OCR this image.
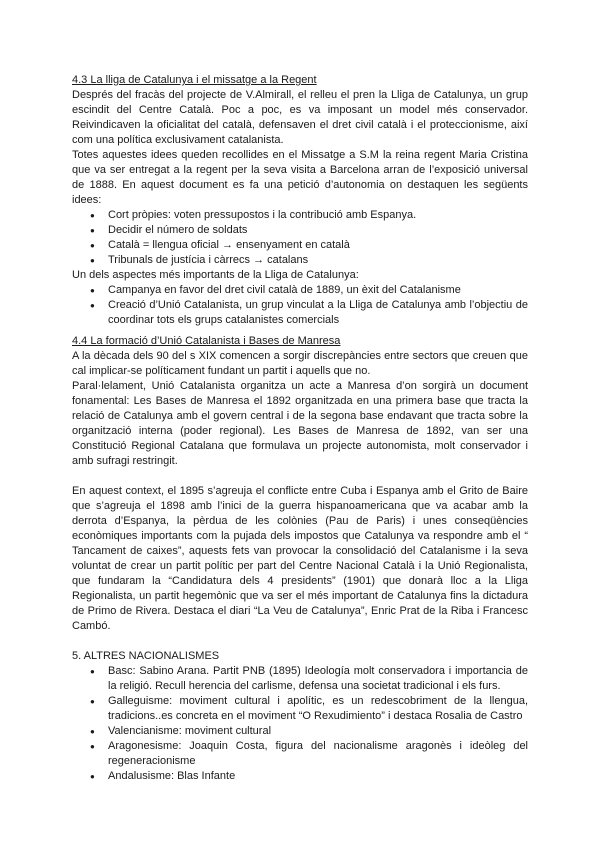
4.3 La lliga de Catalunya i el missatge a la Regent

Després del fracàs del projecte de V.Almirall, el relleu el pren la Lliga de Catalunya, un grup escindit del Centre Català. Poc a poc, es va imposant un model més conservador. Reivindicaven la oficialitat del català, defensaven el dret civil català i el proteccionisme, així com una política exclusivament catalanista.

Totes aquestes idees queden recollides en el Missatge a S.M la reina regent Maria Cristina que va ser entregat a la regent per la seva visita a Barcelona arran de l’exposició universal de 1888. En aquest document es fa una petició d’autonomia on destaquen les següents idees:

● Cort pròpies: voten pressupostos i la contribució amb Espanya.
● Decidir el número de soldats
● Català = llengua oficial → ensenyament en català
● Tribunals de justícia i càrrecs → catalans

Un dels aspectes més importants de la Lliga de Catalunya:

● Campanya en favor del dret civil català de 1889, un èxit del Catalanisme
● Creació d’Unió Catalanista, un grup vinculat a la Lliga de Catalunya amb l’objectiu de coordinar tots els grups catalanistes comercials
4.4 La formació d’Unió Catalanista i Bases de Manresa

A la dècada dels 90 del s XIX comencen a sorgir discrepàncies entre sectors que creuen que cal implicar-se políticament fundant un partit i aquells que no.

Paral·lelament, Unió Catalanista organitza un acte a Manresa d’on sorgirà un document fonamental: Les Bases de Manresa el 1892 organitzada en una primera base que tracta la relació de Catalunya amb el govern central i de la segona base endavant que tracta sobre la organització interna (poder regional). Les Bases de Manresa de 1892, van ser una Constitució Regional Catalana que formulava un projecte autonomista, molt conservador i amb sufragi restringit.

En aquest context, el 1895 s’agreuja el conflicte entre Cuba i Espanya amb el Grito de Baire que s’agreuja el 1898 amb l’inici de la guerra hispanoamericana que va acabar amb la derrota d’Espanya, la pèrdua de les colònies (Pau de Paris) i unes conseqüències econòmiques importants com la pujada dels impostos que Catalunya va respondre amb el “ Tancament de caixes”, aquests fets van provocar la consolidació del Catalanisme i la seva voluntat de crear un partit polític per part del Centre Nacional Català i la Unió Regionalista, que fundaram la “Candidatura dels 4 presidents” (1901) que donarà lloc a la Lliga Regionalista, un partit hegemònic que va ser el més important de Catalunya fins la dictadura de Primo de Rivera. Destaca el diari “La Veu de Catalunya”, Enric Prat de la Riba i Francesc Cambó.

5. ALTRES NACIONALISMES
● Basc: Sabino Arana. Partit PNB (1895) Ideología molt conservadora i importancia de la religió. Recull herencia del carlisme, defensa una societat tradicional i els furs.
● Galleguisme: moviment cultural i apolític, es un redescobriment de la llengua, tradicions..es concreta en el moviment “O Rexudimiento” i destaca Rosalia de Castro
● Valencianisme: moviment cultural
● Aragonesisme: Joaquin Costa, figura del nacionalisme aragonès i ideòleg del regeneracionisme
● Andalusisme: Blas Infante
